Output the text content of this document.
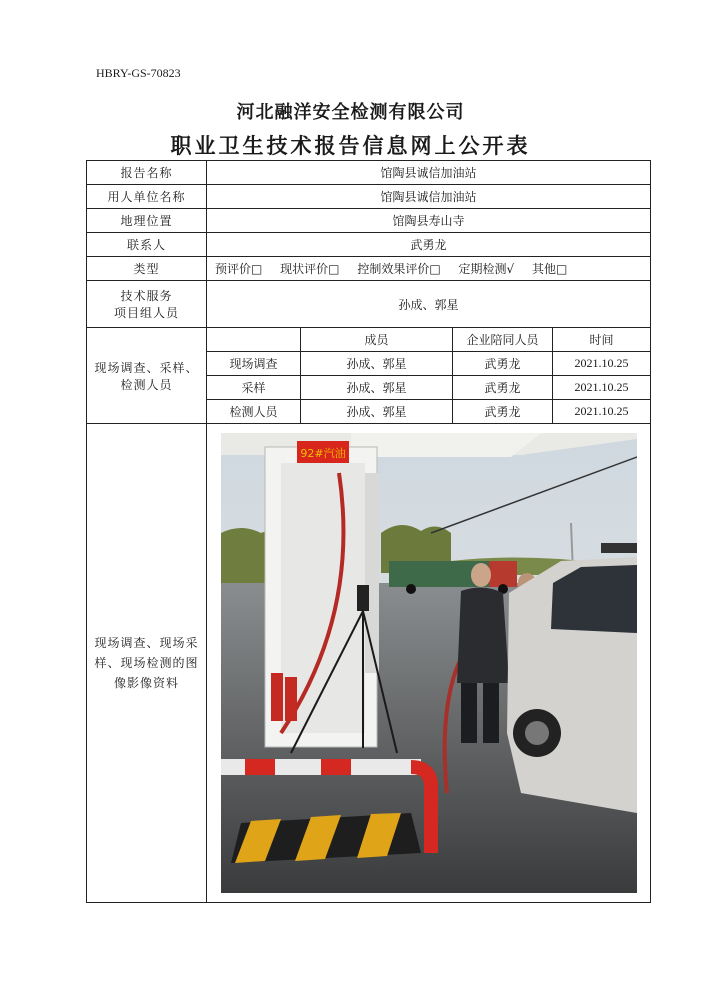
HBRY-GS-70823
河北融洋安全检测有限公司
职业卫生技术报告信息网上公开表
报告名称	馆陶县诚信加油站			
用人单位名称	馆陶县诚信加油站			
地理位置	馆陶县寿山寺			
联系人	武勇龙			
类型	预评价□ 现状评价□ 控制效果评价□ 定期检测√ 其他□			

技术服务
项目组人员	孙成、郭星			

现场调查、采样、
检测人员		成员	企业陪同人员	时间
	现场调查	孙成、郭星	武勇龙	2021.10.25
	采样	孙成、郭星	武勇龙	2021.10.25
	检测人员	孙成、郭星	武勇龙	2021.10.25

现场调查、现场采
样、现场检测的图
像影像资料	92#汽油			
